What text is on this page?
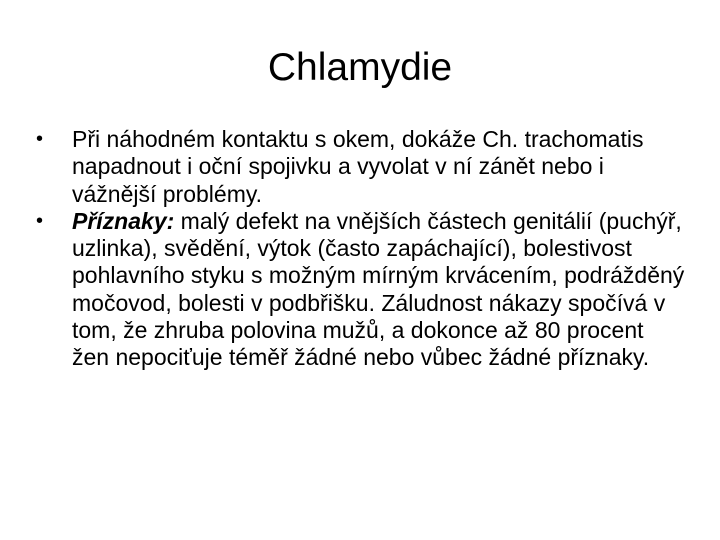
Chlamydie
•	Při náhodném kontaktu s okem, dokáže Ch. trachomatis napadnout i oční spojivku a vyvolat v ní zánět nebo i vážnější problémy.
•	Příznaky: malý defekt na vnějších částech genitálií (puchýř, uzlinka), svědění, výtok (často zapáchající), bolestivost pohlavního styku s možným mírným krvácením, podrážděný močovod, bolesti v podbřišku. Záludnost nákazy spočívá v tom, že zhruba polovina mužů, a dokonce až 80 procent žen nepociťuje téměř žádné nebo vůbec žádné příznaky.
